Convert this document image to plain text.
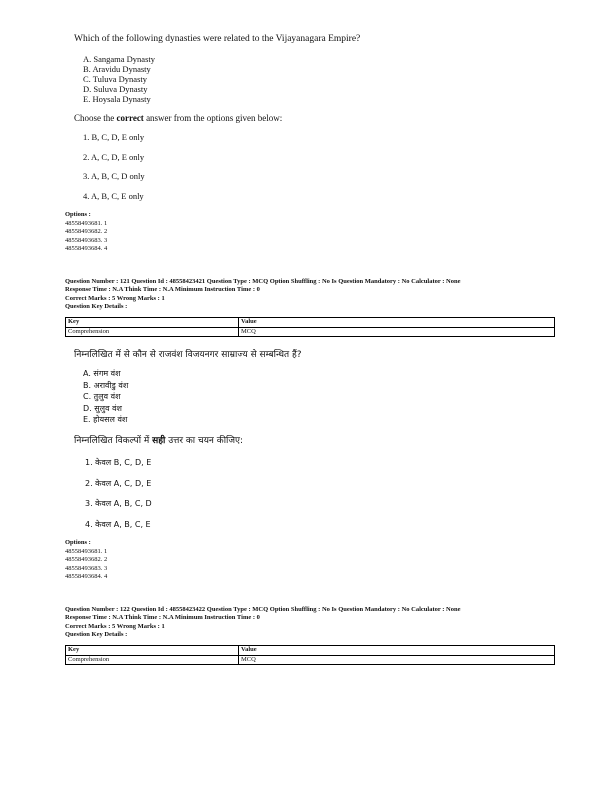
Which of the following dynasties were related to the Vijayanagara Empire?
A. Sangama Dynasty
B. Aravidu Dynasty
C. Tuluva Dynasty
D. Suluva Dynasty
E. Hoysala Dynasty
Choose the correct answer from the options given below:
1. B, C, D, E only
2. A, C, D, E only
3. A, B, C, D only
4. A, B, C, E only
Options :
48558493681. 1
48558493682. 2
48558493683. 3
48558493684. 4
Question Number : 121 Question Id : 48558423421 Question Type : MCQ Option Shuffling : No Is Question Mandatory : No Calculator : None
Response Time : N.A Think Time : N.A Minimum Instruction Time : 0
Correct Marks : 5 Wrong Marks : 1
Question Key Details :
Key	Value
Comprehension	MCQ
निम्नलिखित में से कौन से राजवंश विजयनगर साम्राज्य से सम्बन्धित हैं?
A. संगम वंश
B. अरावीडु वंश
C. तुलुव वंश
D. सुलुव वंश
E. होयसल वंश
निम्नलिखित विकल्पों में सही उत्तर का चयन कीजिए:
1. केवल B, C, D, E
2. केवल A, C, D, E
3. केवल A, B, C, D
4. केवल A, B, C, E
Options :
48558493681. 1
48558493682. 2
48558493683. 3
48558493684. 4
Question Number : 122 Question Id : 48558423422 Question Type : MCQ Option Shuffling : No Is Question Mandatory : No Calculator : None
Response Time : N.A Think Time : N.A Minimum Instruction Time : 0
Correct Marks : 5 Wrong Marks : 1
Question Key Details :
Key	Value
Comprehension	MCQ
